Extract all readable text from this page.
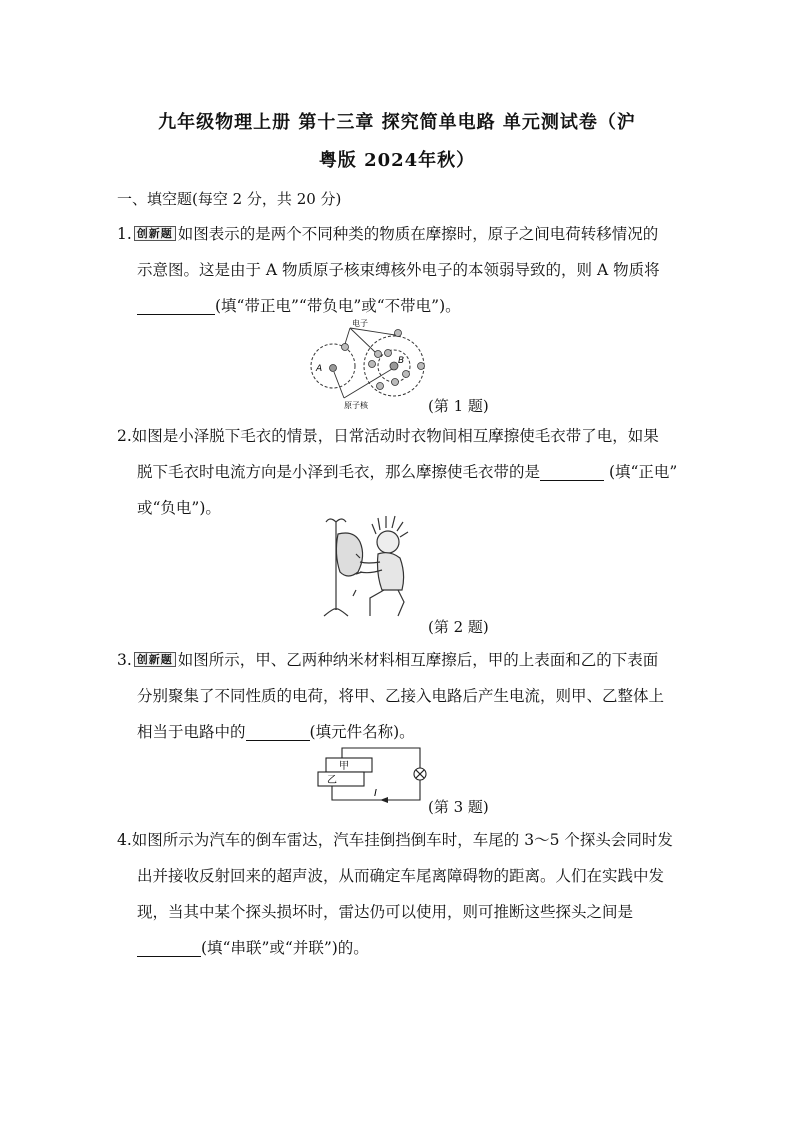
九年级物理上册 第十三章 探究简单电路 单元测试卷（沪
粤版 2024年秋）
一、填空题(每空 2 分，共 20 分)
1. 创新题 如图表示的是两个不同种类的物质在摩擦时，原子之间电荷转移情况的
示意图。这是由于 A 物质原子核束缚核外电子的本领弱导致的，则 A 物质将
(填“带正电”“带负电”或“不带电”)。
电子
A
B
原子核	(第 1 题)
2.如图是小泽脱下毛衣的情景，日常活动时衣物间相互摩擦使毛衣带了电，如果
脱下毛衣时电流方向是小泽到毛衣，那么摩擦使毛衣带的是	(填“正电”
或“负电”)。
(第 2 题)
3. 创新题 如图所示，甲、乙两种纳米材料相互摩擦后，甲的上表面和乙的下表面
分别聚集了不同性质的电荷，将甲、乙接入电路后产生电流，则甲、乙整体上
相当于电路中的	(填元件名称)。
甲
乙
I
(第 3 题)
4.如图所示为汽车的倒车雷达，汽车挂倒挡倒车时，车尾的 3～5 个探头会同时发
出并接收反射回来的超声波，从而确定车尾离障碍物的距离。人们在实践中发
现，当其中某个探头损坏时，雷达仍可以使用，则可推断这些探头之间是
(填“串联”或“并联”)的。
